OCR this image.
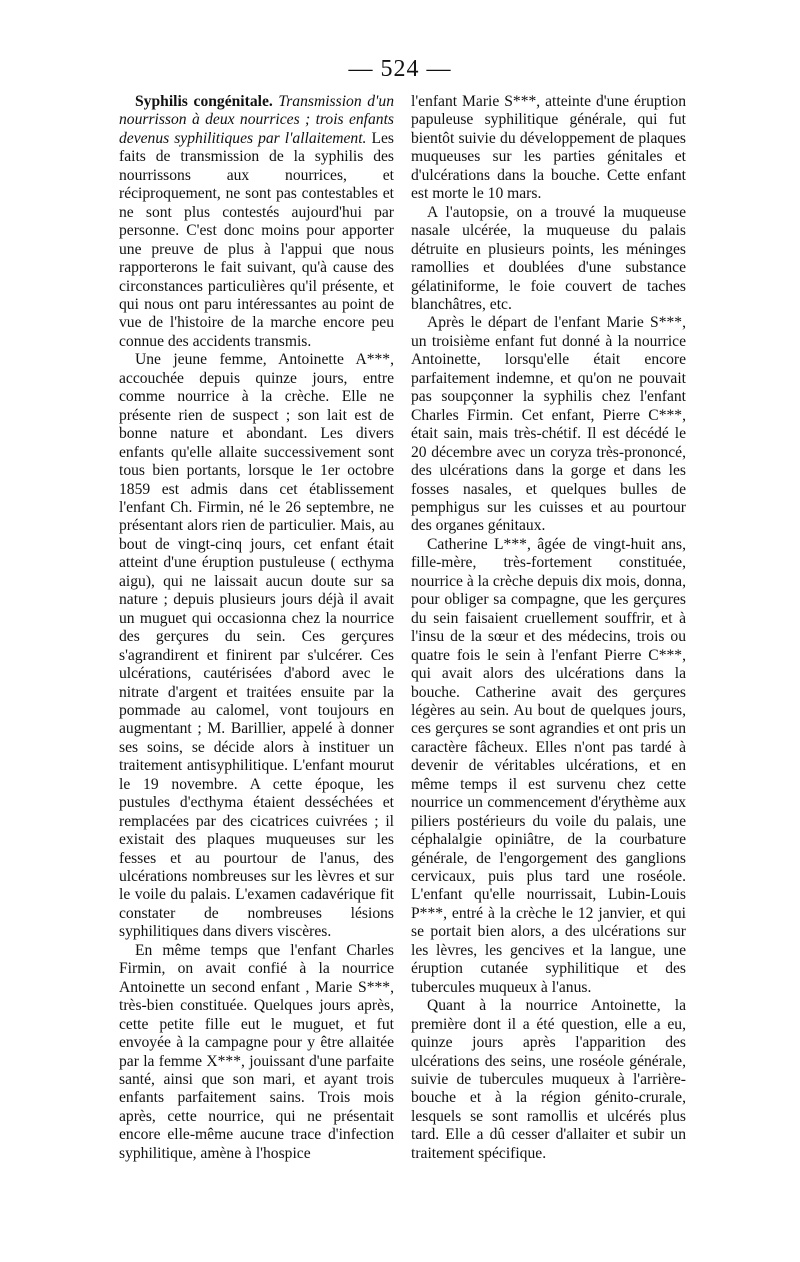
— 524 —

Syphilis congénitale. Transmission d'un nourrisson à deux nourrices ; trois enfants devenus syphilitiques par l'allaitement. Les faits de transmission de la syphilis des nourrissons aux nourrices, et réciproquement, ne sont pas contestables et ne sont plus contestés aujourd'hui par personne. C'est donc moins pour apporter une preuve de plus à l'appui que nous rapporterons le fait suivant, qu'à cause des circonstances particulières qu'il présente, et qui nous ont paru intéressantes au point de vue de l'histoire de la marche encore peu connue des accidents transmis.

Une jeune femme, Antoinette A***, accouchée depuis quinze jours, entre comme nourrice à la crèche. Elle ne présente rien de suspect ; son lait est de bonne nature et abondant. Les divers enfants qu'elle allaite successivement sont tous bien portants, lorsque le 1er octobre 1859 est admis dans cet établissement l'enfant Ch. Firmin, né le 26 septembre, ne présentant alors rien de particulier. Mais, au bout de vingt-cinq jours, cet enfant était atteint d'une éruption pustuleuse ( ecthyma aigu), qui ne laissait aucun doute sur sa nature ; depuis plusieurs jours déjà il avait un muguet qui occasionna chez la nourrice des gerçures du sein. Ces gerçures s'agrandirent et finirent par s'ulcérer. Ces ulcérations, cautérisées d'abord avec le nitrate d'argent et traitées ensuite par la pommade au calomel, vont toujours en augmentant ; M. Barillier, appelé à donner ses soins, se décide alors à instituer un traitement antisyphilitique. L'enfant mourut le 19 novembre. A cette époque, les pustules d'ecthyma étaient desséchées et remplacées par des cicatrices cuivrées ; il existait des plaques muqueuses sur les fesses et au pourtour de l'anus, des ulcérations nombreuses sur les lèvres et sur le voile du palais. L'examen cadavérique fit constater de nombreuses lésions syphilitiques dans divers viscères.

En même temps que l'enfant Charles Firmin, on avait confié à la nourrice Antoinette un second enfant , Marie S***, très-bien constituée. Quelques jours après, cette petite fille eut le muguet, et fut envoyée à la campagne pour y être allaitée par la femme X***, jouissant d'une parfaite santé, ainsi que son mari, et ayant trois enfants parfaitement sains. Trois mois après, cette nourrice, qui ne présentait encore elle-même aucune trace d'infection syphilitique, amène à l'hospice

l'enfant Marie S***, atteinte d'une éruption papuleuse syphilitique générale, qui fut bientôt suivie du développement de plaques muqueuses sur les parties génitales et d'ulcérations dans la bouche. Cette enfant est morte le 10 mars.

A l'autopsie, on a trouvé la muqueuse nasale ulcérée, la muqueuse du palais détruite en plusieurs points, les méninges ramollies et doublées d'une substance gélatiniforme, le foie couvert de taches blanchâtres, etc.

Après le départ de l'enfant Marie S***, un troisième enfant fut donné à la nourrice Antoinette, lorsqu'elle était encore parfaitement indemne, et qu'on ne pouvait pas soupçonner la syphilis chez l'enfant Charles Firmin. Cet enfant, Pierre C***, était sain, mais très-chétif. Il est décédé le 20 décembre avec un coryza très-prononcé, des ulcérations dans la gorge et dans les fosses nasales, et quelques bulles de pemphigus sur les cuisses et au pourtour des organes génitaux.

Catherine L***, âgée de vingt-huit ans, fille-mère, très-fortement constituée, nourrice à la crèche depuis dix mois, donna, pour obliger sa compagne, que les gerçures du sein faisaient cruellement souffrir, et à l'insu de la sœur et des médecins, trois ou quatre fois le sein à l'enfant Pierre C***, qui avait alors des ulcérations dans la bouche. Catherine avait des gerçures légères au sein. Au bout de quelques jours, ces gerçures se sont agrandies et ont pris un caractère fâcheux. Elles n'ont pas tardé à devenir de véritables ulcérations, et en même temps il est survenu chez cette nourrice un commencement d'érythème aux piliers postérieurs du voile du palais, une céphalalgie opiniâtre, de la courbature générale, de l'engorgement des ganglions cervicaux, puis plus tard une roséole. L'enfant qu'elle nourrissait, Lubin-Louis P***, entré à la crèche le 12 janvier, et qui se portait bien alors, a des ulcérations sur les lèvres, les gencives et la langue, une éruption cutanée syphilitique et des tubercules muqueux à l'anus.

Quant à la nourrice Antoinette, la première dont il a été question, elle a eu, quinze jours après l'apparition des ulcérations des seins, une roséole générale, suivie de tubercules muqueux à l'arrière-bouche et à la région génito-crurale, lesquels se sont ramollis et ulcérés plus tard. Elle a dû cesser d'allaiter et subir un traitement spécifique.
